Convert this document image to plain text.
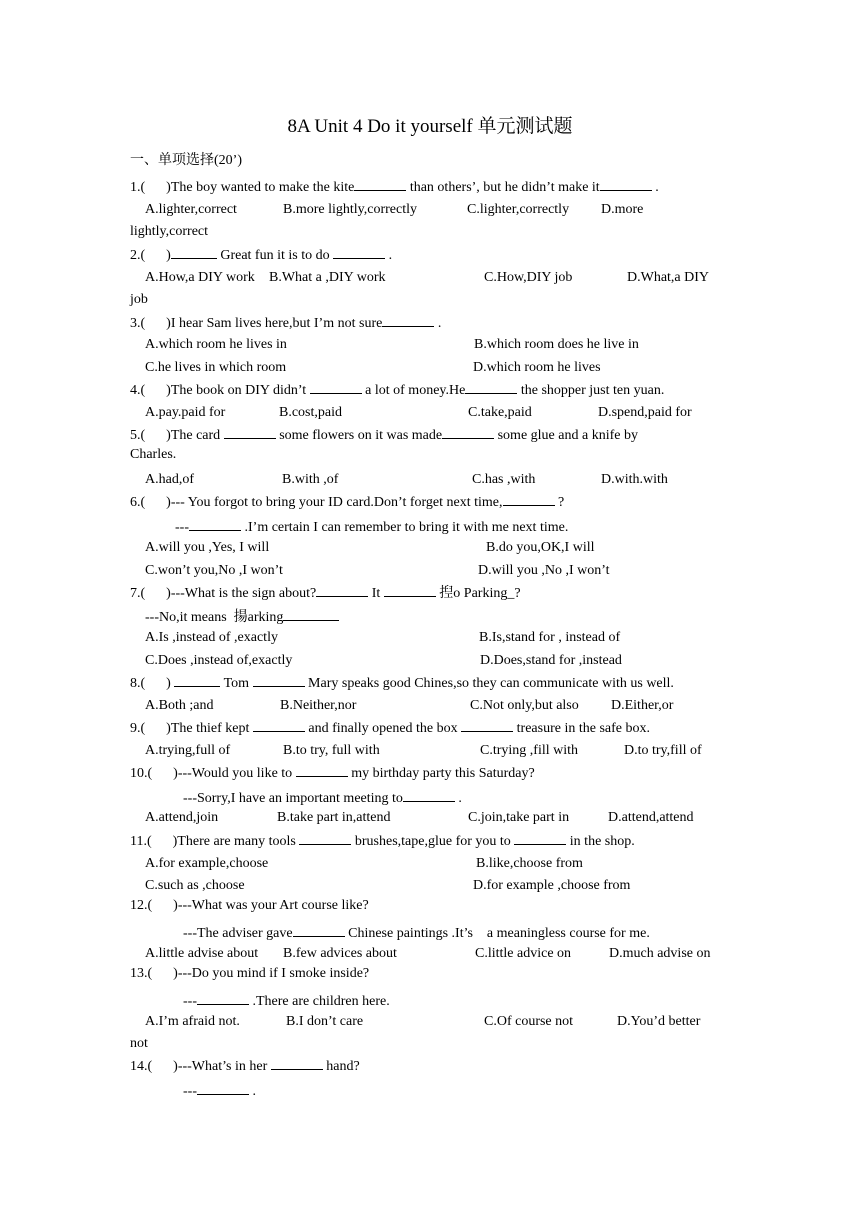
8A Unit 4 Do it yourself 单元测试题
一、单项选择(20’)
1.(      )The boy wanted to make the kite	than others’, but he didn’t make it	.
A.lighter,correct	B.more lightly,correctly	C.lighter,correctly D.more
lightly,correct
2.(      )	Great fun it is to do	.
A.How,a DIY work B.What a ,DIY work	C.How,DIY job	D.What,a DIY
job
3.(      )I hear Sam lives here,but I’m not sure	.
A.which room he lives in	B.which room does he live in
C.he lives in which room	D.which room he lives
4.(      )The book on DIY didn’t	a lot of money.He	the shopper just ten yuan.
A.pay.paid for	B.cost,paid	C.take,paid	D.spend,paid for
5.(      )The card	some flowers on it was made	some glue and a knife by
Charles.
A.had,of	B.with ,of	C.has ,with	D.with.with
6.(      )--- You forgot to bring your ID card.Don’t forget next time,	?
---	.I’m certain I can remember to bring it with me next time.
A.will you ,Yes, I will	B.do you,OK,I will
C.won’t you,No ,I won’t	D.will you ,No ,I won’t
7.(      )---What is the sign about?	It	揑o Parking_?
---No,it means  揚arking
A.Is ,instead of ,exactly	B.Is,stand for , instead of
C.Does ,instead of,exactly	D.Does,stand for ,instead
8.(      )	Tom	Mary speaks good Chines,so they can communicate with us well.
A.Both ;and	B.Neither,nor	C.Not only,but also D.Either,or
9.(      )The thief kept	and finally opened the box	treasure in the safe box.
A.trying,full of	B.to try, full with	C.trying ,fill with	D.to try,fill of
10.(      )---Would you like to	my birthday party this Saturday?
---Sorry,I have an important meeting to	.
A.attend,join	B.take part in,attend	C.join,take part in	D.attend,attend
11.(      )There are many tools	brushes,tape,glue for you to	in the shop.
A.for example,choose	B.like,choose from
C.such as ,choose	D.for example ,choose from
12.(      )---What was your Art course like?
---The adviser gave	Chinese paintings .It’s    a meaningless course for me.
A.little advise about B.few advices about	C.little advice on	D.much advise on
13.(      )---Do you mind if I smoke inside?
---	.There are children here.
A.I’m afraid not.	B.I don’t care	C.Of course not	D.You’d better
not
14.(      )---What’s in her	hand?
---	.
